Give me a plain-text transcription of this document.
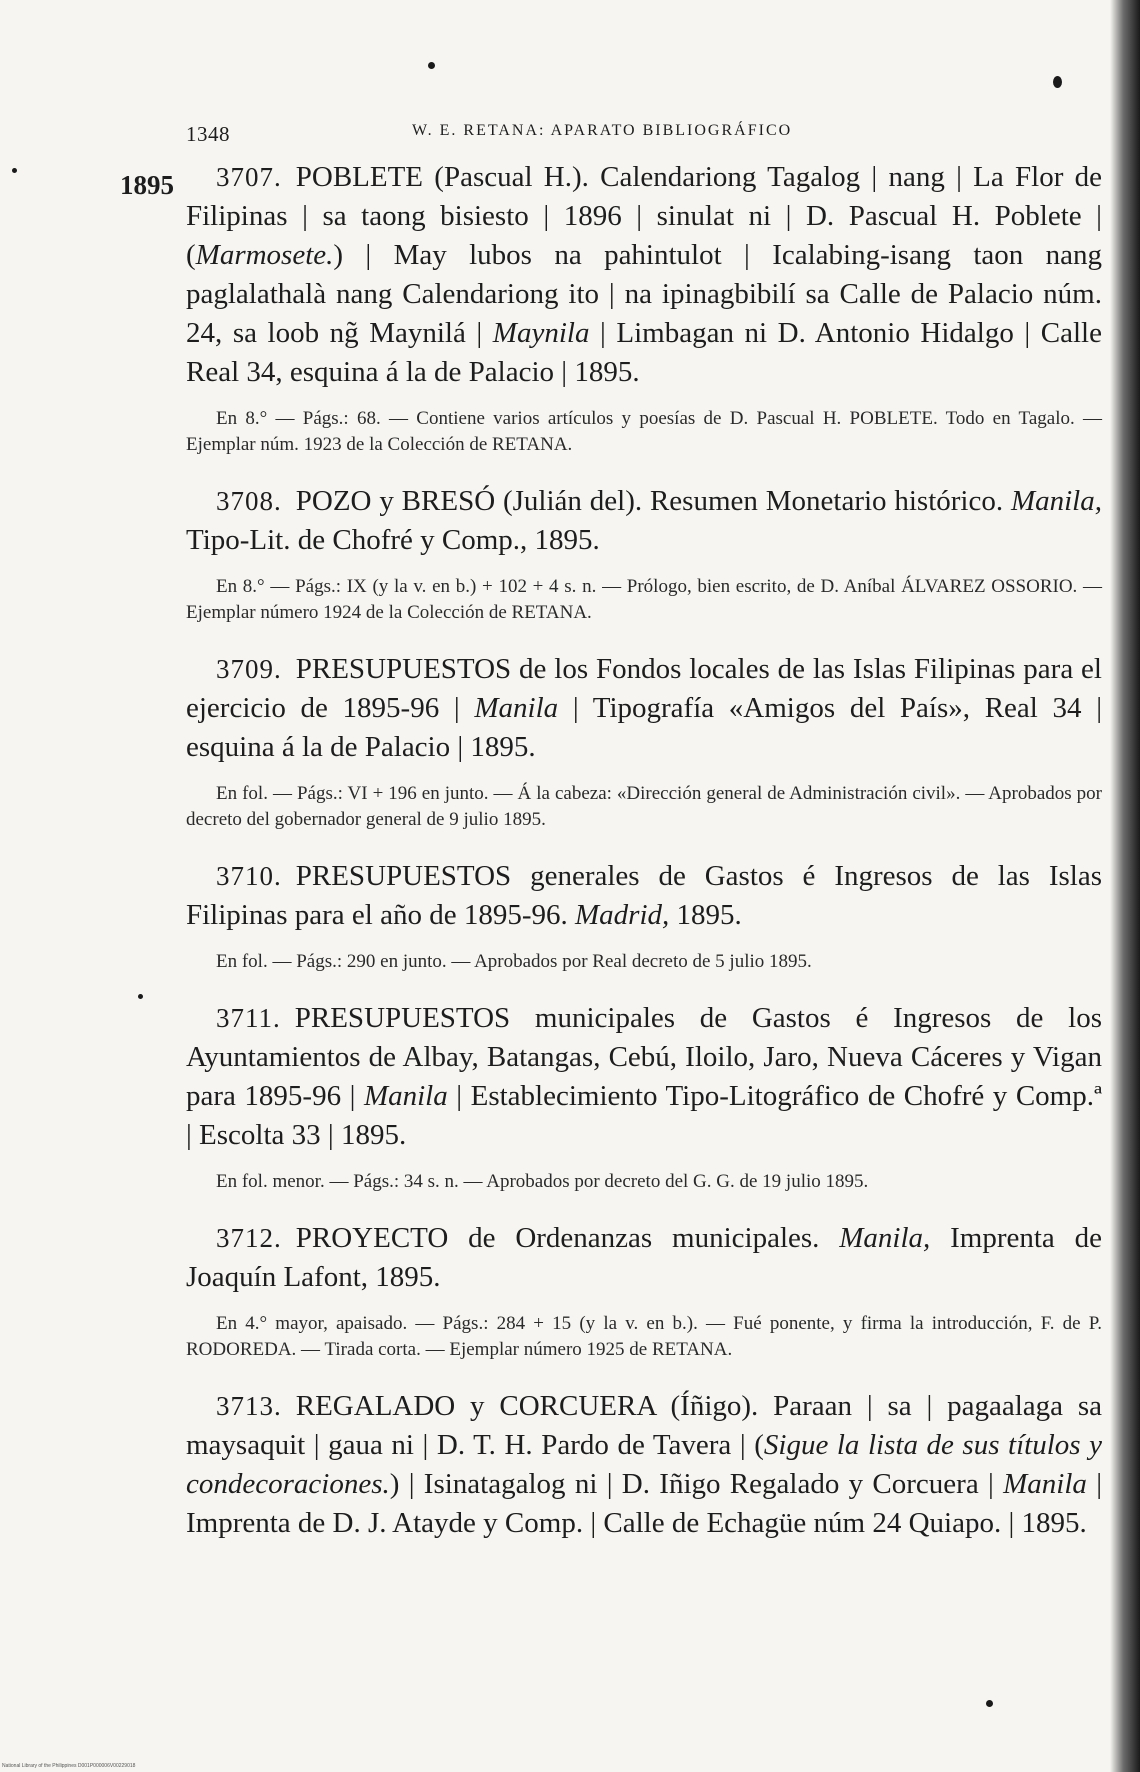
1348	W. E. RETANA: APARATO BIBLIOGRÁFICO
1895	3707. POBLETE (Pascual H.). Calendariong Tagalog | nang | La Flor de Filipinas | sa taong bisiesto | 1896 | sinulat ni | D. Pascual H. Poblete | (Marmosete.) | May lubos na pahintulot | Icalabing-isang taon nang paglalathalà nang Calendariong ito | na ipinagbibilí sa Calle de Palacio núm. 24, sa loob ng̃ Maynilá | Maynila | Limbagan ni D. Antonio Hidalgo | Calle Real 34, esquina á la de Palacio | 1895.

En 8.° — Págs.: 68. — Contiene varios artículos y poesías de D. Pascual H. POBLETE. Todo en Tagalo. — Ejemplar núm. 1923 de la Colección de RETANA.

3708. POZO y BRESÓ (Julián del). Resumen Monetario histórico. Manila, Tipo-Lit. de Chofré y Comp., 1895.

En 8.° — Págs.: IX (y la v. en b.) + 102 + 4 s. n. — Prólogo, bien escrito, de D. Aníbal ÁLVAREZ OSSORIO. — Ejemplar número 1924 de la Colección de RETANA.

3709. PRESUPUESTOS de los Fondos locales de las Islas Filipinas para el ejercicio de 1895-96 | Manila | Tipografía «Amigos del País», Real 34 | esquina á la de Palacio | 1895.

En fol. — Págs.: VI + 196 en junto. — Á la cabeza: «Dirección general de Administración civil». — Aprobados por decreto del gobernador general de 9 julio 1895.

3710. PRESUPUESTOS generales de Gastos é Ingresos de las Islas Filipinas para el año de 1895-96. Madrid, 1895.

En fol. — Págs.: 290 en junto. — Aprobados por Real decreto de 5 julio 1895.

3711. PRESUPUESTOS municipales de Gastos é Ingresos de los Ayuntamientos de Albay, Batangas, Cebú, Iloilo, Jaro, Nueva Cáceres y Vigan para 1895-96 | Manila | Establecimiento Tipo-Litográfico de Chofré y Comp.ª | Escolta 33 | 1895.

En fol. menor. — Págs.: 34 s. n. — Aprobados por decreto del G. G. de 19 julio 1895.

3712. PROYECTO de Ordenanzas municipales. Manila, Imprenta de Joaquín Lafont, 1895.

En 4.° mayor, apaisado. — Págs.: 284 + 15 (y la v. en b.). — Fué ponente, y firma la introducción, F. de P. RODOREDA. — Tirada corta. — Ejemplar número 1925 de RETANA.

3713. REGALADO y CORCUERA (Íñigo). Paraan | sa | pagaalaga sa maysaquit | gaua ni | D. T. H. Pardo de Tavera | (Sigue la lista de sus títulos y condecoraciones.) | Isinatagalog ni | D. Iñigo Regalado y Corcuera | Manila | Imprenta de D. J. Atayde y Comp. | Calle de Echagüe núm 24 Quiapo. | 1895.

National Library of the Philippines D001P000006V00229018
